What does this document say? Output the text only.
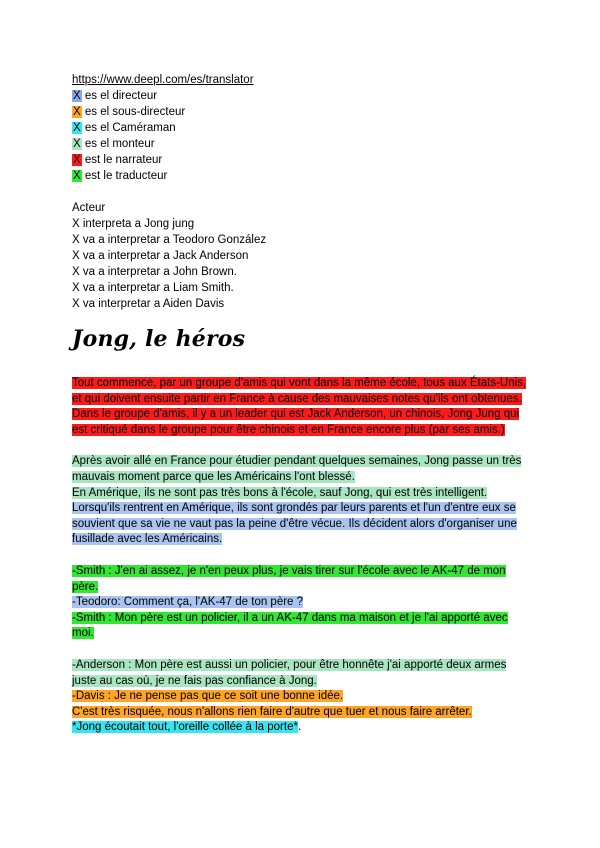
https://www.deepl.com/es/translator
X es el directeur
X es el sous-directeur
X es el Caméraman
X es el monteur
X est le narrateur
X est le traducteur
Acteur
X interpreta a Jong jung
X va a interpretar a Teodoro González
X va a interpretar a Jack Anderson
X va a interpretar a John Brown.
X va a interpretar a Liam Smith.
X va interpretar a Aiden Davis
Jong, le héros
Tout commence, par un groupe d'amis qui vont dans la même école, tous aux États-Unis, et qui doivent ensuite partir en France à cause des mauvaises notes qu'ils ont obtenues.
Dans le groupe d'amis, il y a un leader qui est Jack Anderson, un chinois, Jong Jung qui est critiqué dans le groupe pour être chinois et en France encore plus (par ses amis.)
Après avoir allé en France pour étudier pendant quelques semaines, Jong passe un très mauvais moment parce que les Américains l'ont blessé.
En Amérique, ils ne sont pas très bons à l'école, sauf Jong, qui est très intelligent.
Lorsqu'ils rentrent en Amérique, ils sont grondés par leurs parents et l'un d'entre eux se souvient que sa vie ne vaut pas la peine d'être vécue. Ils décident alors d'organiser une fusillade avec les Américains.
-Smith : J'en ai assez, je n'en peux plus, je vais tirer sur l'école avec le AK-47 de mon père.
-Teodoro: Comment ça, l'AK-47 de ton père ?
-Smith : Mon père est un policier, il a un AK-47 dans ma maison et je l'ai apporté avec moi.
-Anderson : Mon père est aussi un policier, pour être honnête j'ai apporté deux armes juste au cas où, je ne fais pas confiance à Jong.
-Davis : Je ne pense pas que ce soit une bonne idée.
C'est très risquée, nous n'allons rien faire d'autre que tuer et nous faire arrêter.
*Jong écoutait tout, l'oreille collée à la porte*.
